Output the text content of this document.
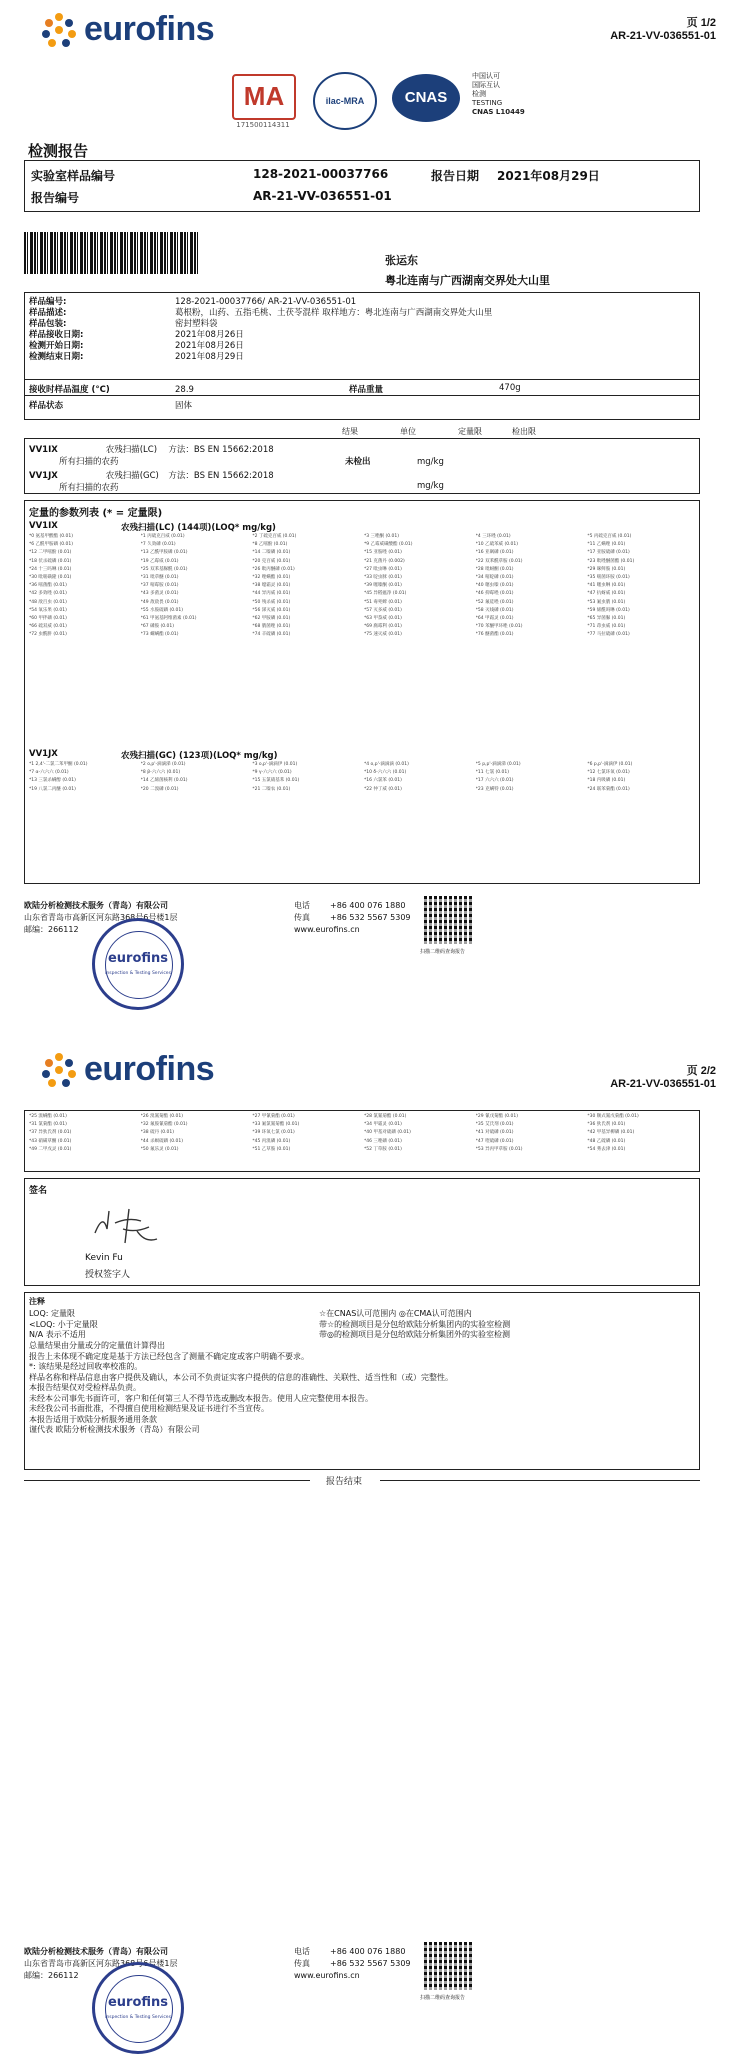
eurofins	页 1/2
AR-21-VV-036551-01
MA
171500114311
ilac-MRA	CNAS
中国认可
国际互认
检测
TESTING
CNAS L10449
检测报告
实验室样品编号	128-2021-00037766	报告日期 2021年08月29日
报告编号	AR-21-VV-036551-01
张运东
粤北连南与广西湖南交界处大山里
样品编号:	128-2021-00037766/ AR-21-VV-036551-01
样品描述:	葛根粉，山药、五指毛桃、土茯苓混样 取样地方：粤北连南与广西湖南交界处大山里
样品包装:	密封塑料袋
样品接收日期:	2021年08月26日
检测开始日期:	2021年08月26日
检测结束日期:	2021年08月29日
接收时样品温度 (°C)	28.9	样品重量	470g
样品状态	固体
结果	单位	定量限	检出限
VV1IX	农残扫描(LC) 方法：BS EN 15662:2018
所有扫描的农药	未检出	mg/kg
VV1JX	农残扫描(GC) 方法：BS EN 15662:2018
所有扫描的农药	mg/kg
定量的参数列表 (* = 定量限)
VV1IX	农残扫描(LC) (144项)(LOQ* mg/kg)
*0 氨基甲酸酯 (0.01)	*1 丙硫克百威 (0.01)	*2 丁硫克百威 (0.01)	*3 三唑酮 (0.01)	*4 三环唑 (0.01)	*5 丙硫克百威 (0.01)
*6 乙酰甲胺磷 (0.01)	*7 久效磷 (0.01)	*8 乙嘧酚 (0.01)	*9 乙霉威磺酸酯 (0.01)	*10 乙硫苯威 (0.01)	*11 乙螨唑 (0.01)
*12 二甲嘧酚 (0.01)	*13 乙酰甲胺磷 (0.01)	*14 二嗪磷 (0.01)	*15 亚胺唑 (0.01)	*16 亚砜磷 (0.01)	*17 亚胺硫磷 (0.01)
*18 伏杀硫磷 (0.01)	*19 乙霉威 (0.01)	*20 克百威 (0.01)	*21 克菌丹 (0.002)	*22 双苯酰草胺 (0.01)	*23 吡唑醚菌酯 (0.01)
*24 十三吗啉 (0.01)	*25 双苯基脲酰 (0.01)	*26 吡丙醚磷 (0.01)	*27 吡虫啉 (0.01)	*28 吡蚜酮 (0.01)	*29 咪鲜胺 (0.01)
*30 吡嘧磺隆 (0.01)	*31 吡草醚 (0.01)	*32 唑螨酯 (0.01)	*33 啶虫脒 (0.01)	*34 嘧啶磷 (0.01)	*35 嘧菌环胺 (0.01)
*36 嘧菌酯 (0.01)	*37 嘧霉胺 (0.01)	*38 噁霜灵 (0.01)	*39 噻嗪酮 (0.01)	*40 噻虫嗪 (0.01)	*41 噻虫啉 (0.01)
*42 多效唑 (0.01)	*43 多菌灵 (0.01)	*44 异丙威 (0.01)	*45 异稻瘟净 (0.01)	*46 抑霉唑 (0.01)	*47 抗蚜威 (0.01)
*48 敌百虫 (0.01)	*49 敌敌畏 (0.01)	*50 残杀威 (0.01)	*51 毒死蜱 (0.01)	*52 氟硅唑 (0.01)	*53 氟虫腈 (0.01)
*54 氧乐果 (0.01)	*55 水胺硫磷 (0.01)	*56 涕灭威 (0.01)	*57 灭多威 (0.01)	*58 灭线磷 (0.01)	*59 烯酰吗啉 (0.01)
*60 甲拌磷 (0.01)	*61 甲氨基阿维菌素 (0.01)	*62 甲胺磷 (0.01)	*63 甲萘威 (0.01)	*64 甲霜灵 (0.01)	*65 异菌脲 (0.01)
*66 硫双威 (0.01)	*67 磷胺 (0.01)	*68 腈菌唑 (0.01)	*69 腐霉利 (0.01)	*70 苯醚甲环唑 (0.01)	*71 茚虫威 (0.01)
*72 虫酰肼 (0.01)	*73 螺螨酯 (0.01)	*74 辛硫磷 (0.01)	*75 速灭威 (0.01)	*76 醚菌酯 (0.01)	*77 马拉硫磷 (0.01)
VV1JX	农残扫描(GC) (123项)(LOQ* mg/kg)
*1 2,4'-二氯二苯甲酮 (0.01)	*2 o,p'-滴滴涕 (0.01)	*3 o,p'-滴滴伊 (0.01)	*4 o,p'-滴滴滴 (0.01)	*5 p,p'-滴滴涕 (0.01)	*6 p,p'-滴滴伊 (0.01)
*7 α-六六六 (0.01)	*8 β-六六六 (0.01)	*9 γ-六六六 (0.01)	*10 δ-六六六 (0.01)	*11 七氯 (0.01)	*12 七氯环氧 (0.01)
*13 三氯杀螨醇 (0.01)	*14 乙烯菌核利 (0.01)	*15 五氯硝基苯 (0.01)	*16 六氯苯 (0.01)	*17 六六六 (0.01)	*18 内吸磷 (0.01)
*19 八氯二丙醚 (0.01)	*20 二溴磷 (0.01)	*21 二嗪农 (0.01)	*22 仲丁威 (0.01)	*23 克螨特 (0.01)	*24 联苯菊酯 (0.01)
欧陆分析检测技术服务（青岛）有限公司
山东省青岛市高新区河东路368号6号楼1层
邮编：266112
电话	+86 400 076 1880
传真	+86 532 5567 5309
www.eurofins.cn
扫描二维码查询报告
eurofins
Inspection & Testing Services
eurofins	页 2/2
AR-21-VV-036551-01
*25 溴螨酯 (0.01)	*26 溴氰菊酯 (0.01)	*27 甲氰菊酯 (0.01)	*28 氯氰菊酯 (0.01)	*29 氰戊菊酯 (0.01)	*30 顺式氰戊菊酯 (0.01)
*31 氯菊酯 (0.01)	*32 氟胺氰菊酯 (0.01)	*33 氟氯氰菊酯 (0.01)	*34 甲霜灵 (0.01)	*35 艾氏剂 (0.01)	*36 狄氏剂 (0.01)
*37 异狄氏剂 (0.01)	*38 硫丹 (0.01)	*39 环氧七氯 (0.01)	*40 甲基对硫磷 (0.01)	*41 对硫磷 (0.01)	*42 甲基异柳磷 (0.01)
*43 硝磺草酮 (0.01)	*44 杀螟硫磷 (0.01)	*45 丙溴磷 (0.01)	*46 三唑磷 (0.01)	*47 喹硫磷 (0.01)	*48 乙硫磷 (0.01)
*49 二甲戊灵 (0.01)	*50 氟乐灵 (0.01)	*51 乙草胺 (0.01)	*52 丁草胺 (0.01)	*53 异丙甲草胺 (0.01)	*54 莠去津 (0.01)
签名
Kevin Fu
授权签字人
注释
LOQ: 定量限
<LOQ: 小于定量限
N/A 表示不适用
☆在CNAS认可范围内 ◎在CMA认可范围内
带☆的检测项目是分包给欧陆分析集团内的实验室检测
带◎的检测项目是分包给欧陆分析集团外的实验室检测
总量结果由分量或分的定量值计算得出
报告上未体现不确定度是基于方法已经包含了测量不确定度或客户明确不要求。
*: 该结果是经过回收率校准的。
样品名称和样品信息由客户提供及确认，本公司不负责证实客户提供的信息的准确性、关联性、适当性和（或）完整性。
本报告结果仅对受检样品负责。
未经本公司事先书面许可，客户和任何第三人不得节选或删改本报告。使用人应完整使用本报告。
未经我公司书面批准，不得擅自使用检测结果及证书进行不当宣传。
本报告适用于欧陆分析服务通用条款
谨代表 欧陆分析检测技术服务（青岛）有限公司
报告结束
欧陆分析检测技术服务（青岛）有限公司
山东省青岛市高新区河东路368号6号楼1层
邮编：266112
电话	+86 400 076 1880
传真	+86 532 5567 5309
www.eurofins.cn
扫描二维码查询报告
eurofins
Inspection & Testing Services
